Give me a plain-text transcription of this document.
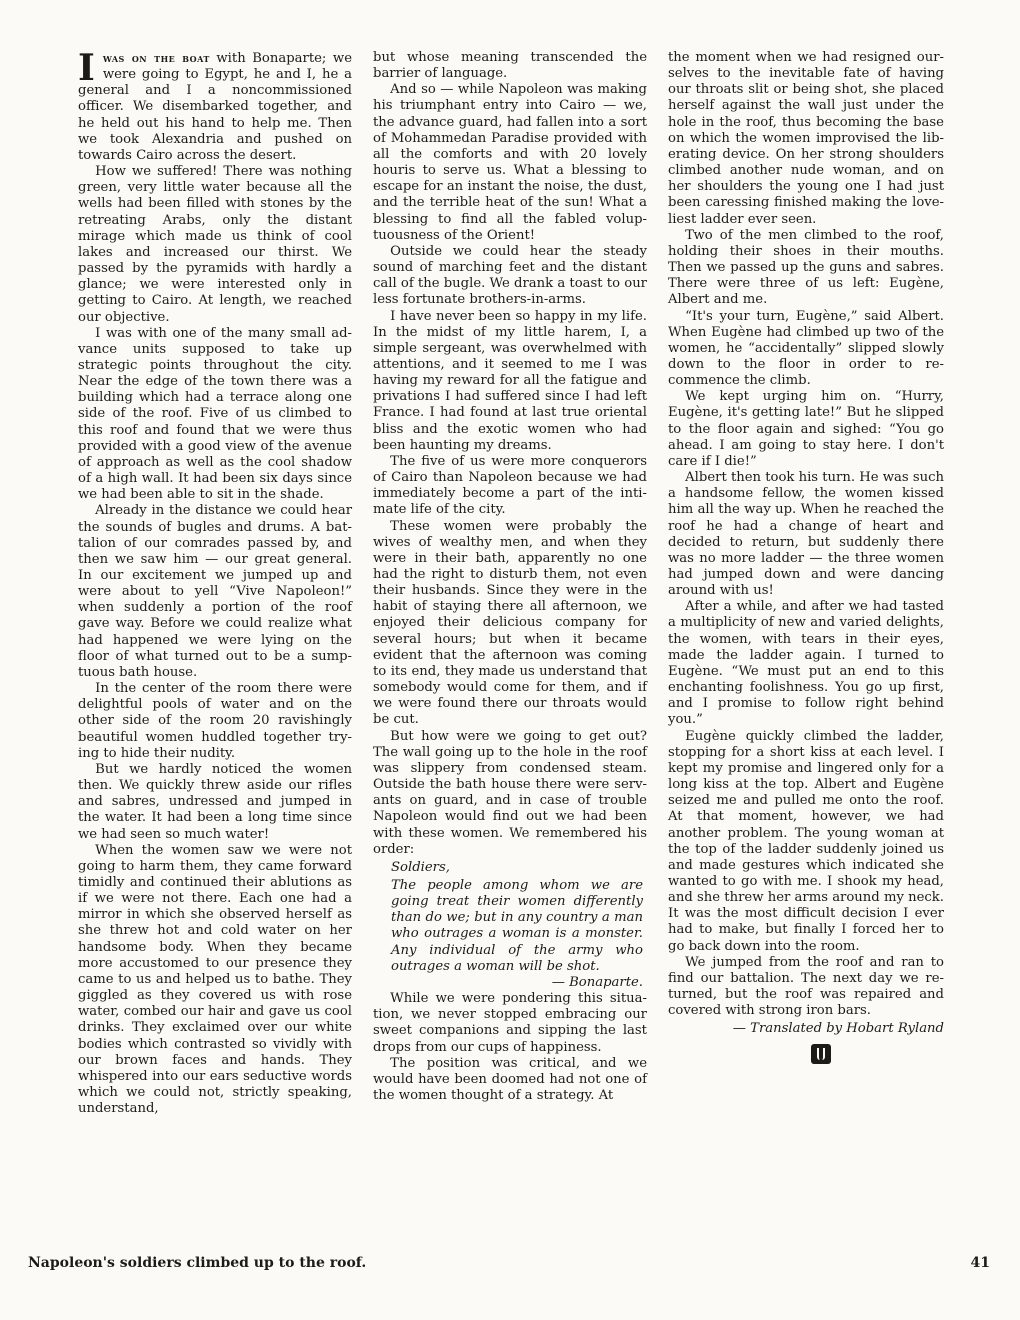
Iwas on the boat with Bonaparte; we were going to Egypt, he and I, he a general and I a noncommissioned officer. We disembarked together, and he held out his hand to help me. Then we took Alexandria and pushed on towards Cairo across the desert.

How we suffered! There was nothing green, very little water because all the wells had been filled with stones by the retreating Arabs, only the distant mirage which made us think of cool lakes and increased our thirst. We passed by the pyramids with hardly a glance; we were interested only in getting to Cairo. At length, we reached our objective.

I was with one of the many small advance units supposed to take up strategic points throughout the city. Near the edge of the town there was a building which had a terrace along one side of the roof. Five of us climbed to this roof and found that we were thus provided with a good view of the avenue of approach as well as the cool shadow of a high wall. It had been six days since we had been able to sit in the shade.

Already in the distance we could hear the sounds of bugles and drums. A battalion of our comrades passed by, and then we saw him — our great general. In our excitement we jumped up and were about to yell “Vive Napoleon!” when suddenly a portion of the roof gave way. Before we could realize what had happened we were lying on the floor of what turned out to be a sumptuous bath house.

In the center of the room there were delightful pools of water and on the other side of the room 20 ravishingly beautiful women huddled together trying to hide their nudity.

But we hardly noticed the women then. We quickly threw aside our rifles and sabres, undressed and jumped in the water. It had been a long time since we had seen so much water!

When the women saw we were not going to harm them, they came forward timidly and continued their ablutions as if we were not there. Each one had a mirror in which she observed herself as she threw hot and cold water on her handsome body. When they became more accustomed to our presence they came to us and helped us to bathe. They giggled as they covered us with rose water, combed our hair and gave us cool drinks. They exclaimed over our white bodies which contrasted so vividly with our brown faces and hands. They whispered into our ears seductive words which we could not, strictly speaking, understand,

but whose meaning transcended the barrier of language.

And so — while Napoleon was making his triumphant entry into Cairo — we, the advance guard, had fallen into a sort of Mohammedan Paradise provided with all the comforts and with 20 lovely houris to serve us. What a blessing to escape for an instant the noise, the dust, and the terrible heat of the sun! What a blessing to find all the fabled voluptuousness of the Orient!

Outside we could hear the steady sound of marching feet and the distant call of the bugle. We drank a toast to our less fortunate brothers-in-arms.

I have never been so happy in my life. In the midst of my little harem, I, a simple sergeant, was overwhelmed with attentions, and it seemed to me I was having my reward for all the fatigue and privations I had suffered since I had left France. I had found at last true oriental bliss and the exotic women who had been haunting my dreams.

The five of us were more conquerors of Cairo than Napoleon because we had immediately become a part of the intimate life of the city.

These women were probably the wives of wealthy men, and when they were in their bath, apparently no one had the right to disturb them, not even their husbands. Since they were in the habit of staying there all afternoon, we enjoyed their delicious company for several hours; but when it became evident that the afternoon was coming to its end, they made us understand that somebody would come for them, and if we were found there our throats would be cut.

But how were we going to get out? The wall going up to the hole in the roof was slippery from condensed steam. Outside the bath house there were servants on guard, and in case of trouble Napoleon would find out we had been with these women. We remembered his order:

Soldiers,

The people among whom we are going treat their women differently than do we; but in any country a man who outrages a woman is a monster. Any individual of the army who outrages a woman will be shot.

— Bonaparte.

While we were pondering this situation, we never stopped embracing our sweet companions and sipping the last drops from our cups of happiness.

The position was critical, and we would have been doomed had not one of the women thought of a strategy. At

the moment when we had resigned ourselves to the inevitable fate of having our throats slit or being shot, she placed herself against the wall just under the hole in the roof, thus becoming the base on which the women improvised the liberating device. On her strong shoulders climbed another nude woman, and on her shoulders the young one I had just been caressing finished making the loveliest ladder ever seen.

Two of the men climbed to the roof, holding their shoes in their mouths. Then we passed up the guns and sabres. There were three of us left: Eugène, Albert and me.

“It's your turn, Eugène,” said Albert. When Eugène had climbed up two of the women, he “accidentally” slipped slowly down to the floor in order to recommence the climb.

We kept urging him on. “Hurry, Eugène, it's getting late!” But he slipped to the floor again and sighed: “You go ahead. I am going to stay here. I don't care if I die!”

Albert then took his turn. He was such a handsome fellow, the women kissed him all the way up. When he reached the roof he had a change of heart and decided to return, but suddenly there was no more ladder — the three women had jumped down and were dancing around with us!

After a while, and after we had tasted a multiplicity of new and varied delights, the women, with tears in their eyes, made the ladder again. I turned to Eugène. “We must put an end to this enchanting foolishness. You go up first, and I promise to follow right behind you.”

Eugène quickly climbed the ladder, stopping for a short kiss at each level. I kept my promise and lingered only for a long kiss at the top. Albert and Eugène seized me and pulled me onto the roof. At that moment, however, we had another problem. The young woman at the top of the ladder suddenly joined us and made gestures which indicated she wanted to go with me. I shook my head, and she threw her arms around my neck. It was the most difficult decision I ever had to make, but finally I forced her to go back down into the room.

We jumped from the roof and ran to find our battalion. The next day we returned, but the roof was repaired and covered with strong iron bars.

— Translated by Hobart Ryland

Napoleon's soldiers climbed up to the roof.	41
